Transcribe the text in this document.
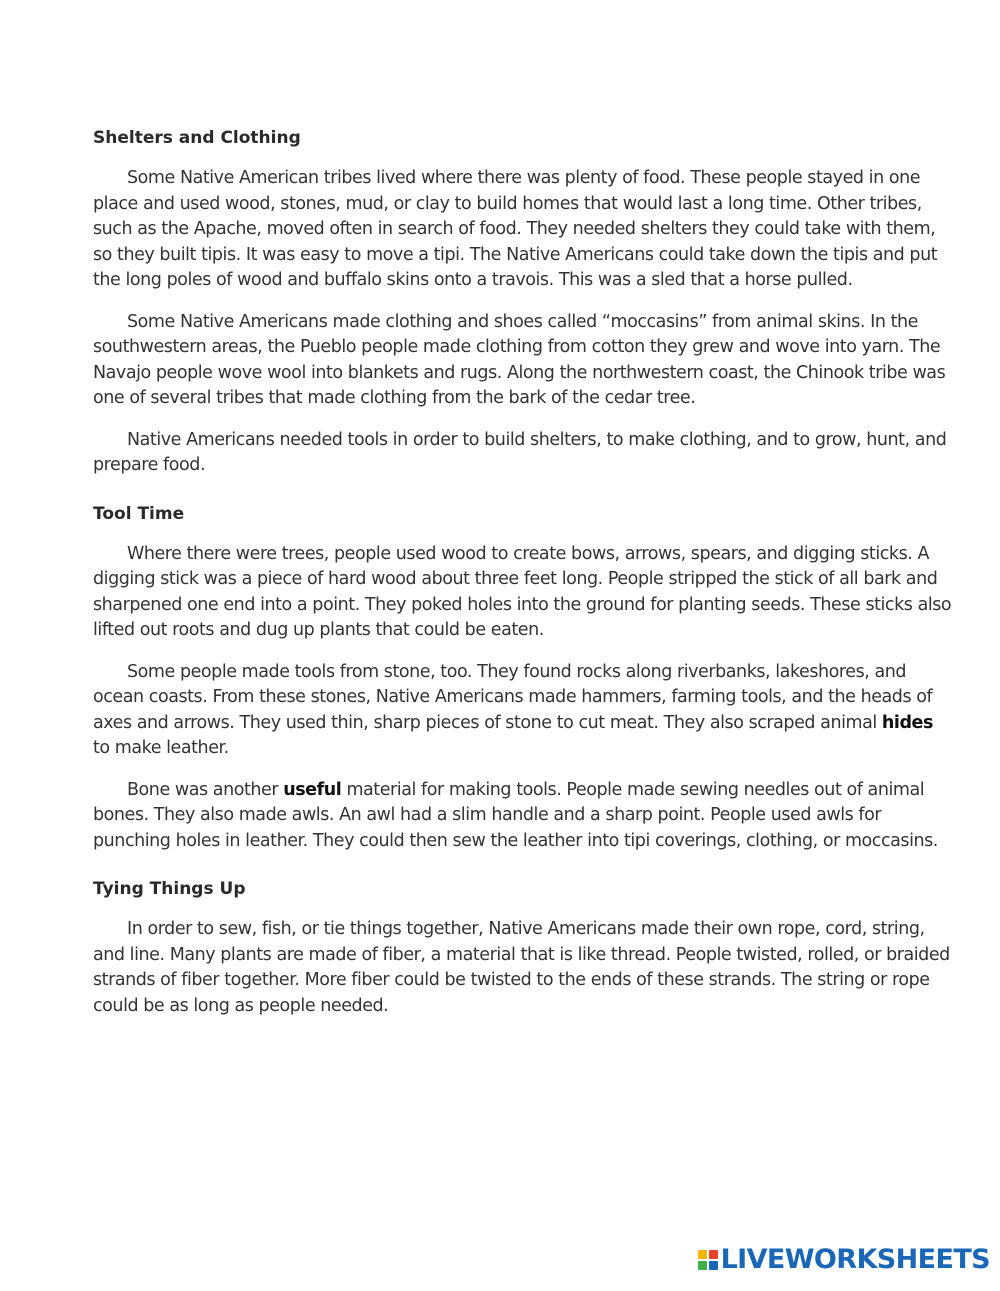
Shelters and Clothing

Some Native American tribes lived where there was plenty of food. These people stayed in one place and used wood, stones, mud, or clay to build homes that would last a long time. Other tribes, such as the Apache, moved often in search of food. They needed shelters they could take with them, so they built tipis. It was easy to move a tipi. The Native Americans could take down the tipis and put the long poles of wood and buffalo skins onto a travois. This was a sled that a horse pulled.

Some Native Americans made clothing and shoes called “moccasins” from animal skins. In the southwestern areas, the Pueblo people made clothing from cotton they grew and wove into yarn. The Navajo people wove wool into blankets and rugs. Along the northwestern coast, the Chinook tribe was one of several tribes that made clothing from the bark of the cedar tree.

Native Americans needed tools in order to build shelters, to make clothing, and to grow, hunt, and prepare food.

Tool Time

Where there were trees, people used wood to create bows, arrows, spears, and digging sticks. A digging stick was a piece of hard wood about three feet long. People stripped the stick of all bark and sharpened one end into a point. They poked holes into the ground for planting seeds. These sticks also lifted out roots and dug up plants that could be eaten.

Some people made tools from stone, too. They found rocks along riverbanks, lakeshores, and ocean coasts. From these stones, Native Americans made hammers, farming tools, and the heads of axes and arrows. They used thin, sharp pieces of stone to cut meat. They also scraped animal hides to make leather.

Bone was another useful material for making tools. People made sewing needles out of animal bones. They also made awls. An awl had a slim handle and a sharp point. People used awls for punching holes in leather. They could then sew the leather into tipi coverings, clothing, or moccasins.

Tying Things Up

In order to sew, fish, or tie things together, Native Americans made their own rope, cord, string, and line. Many plants are made of fiber, a material that is like thread. People twisted, rolled, or braided strands of fiber together. More fiber could be twisted to the ends of these strands. The string or rope could be as long as people needed.

LIVEWORKSHEETS
